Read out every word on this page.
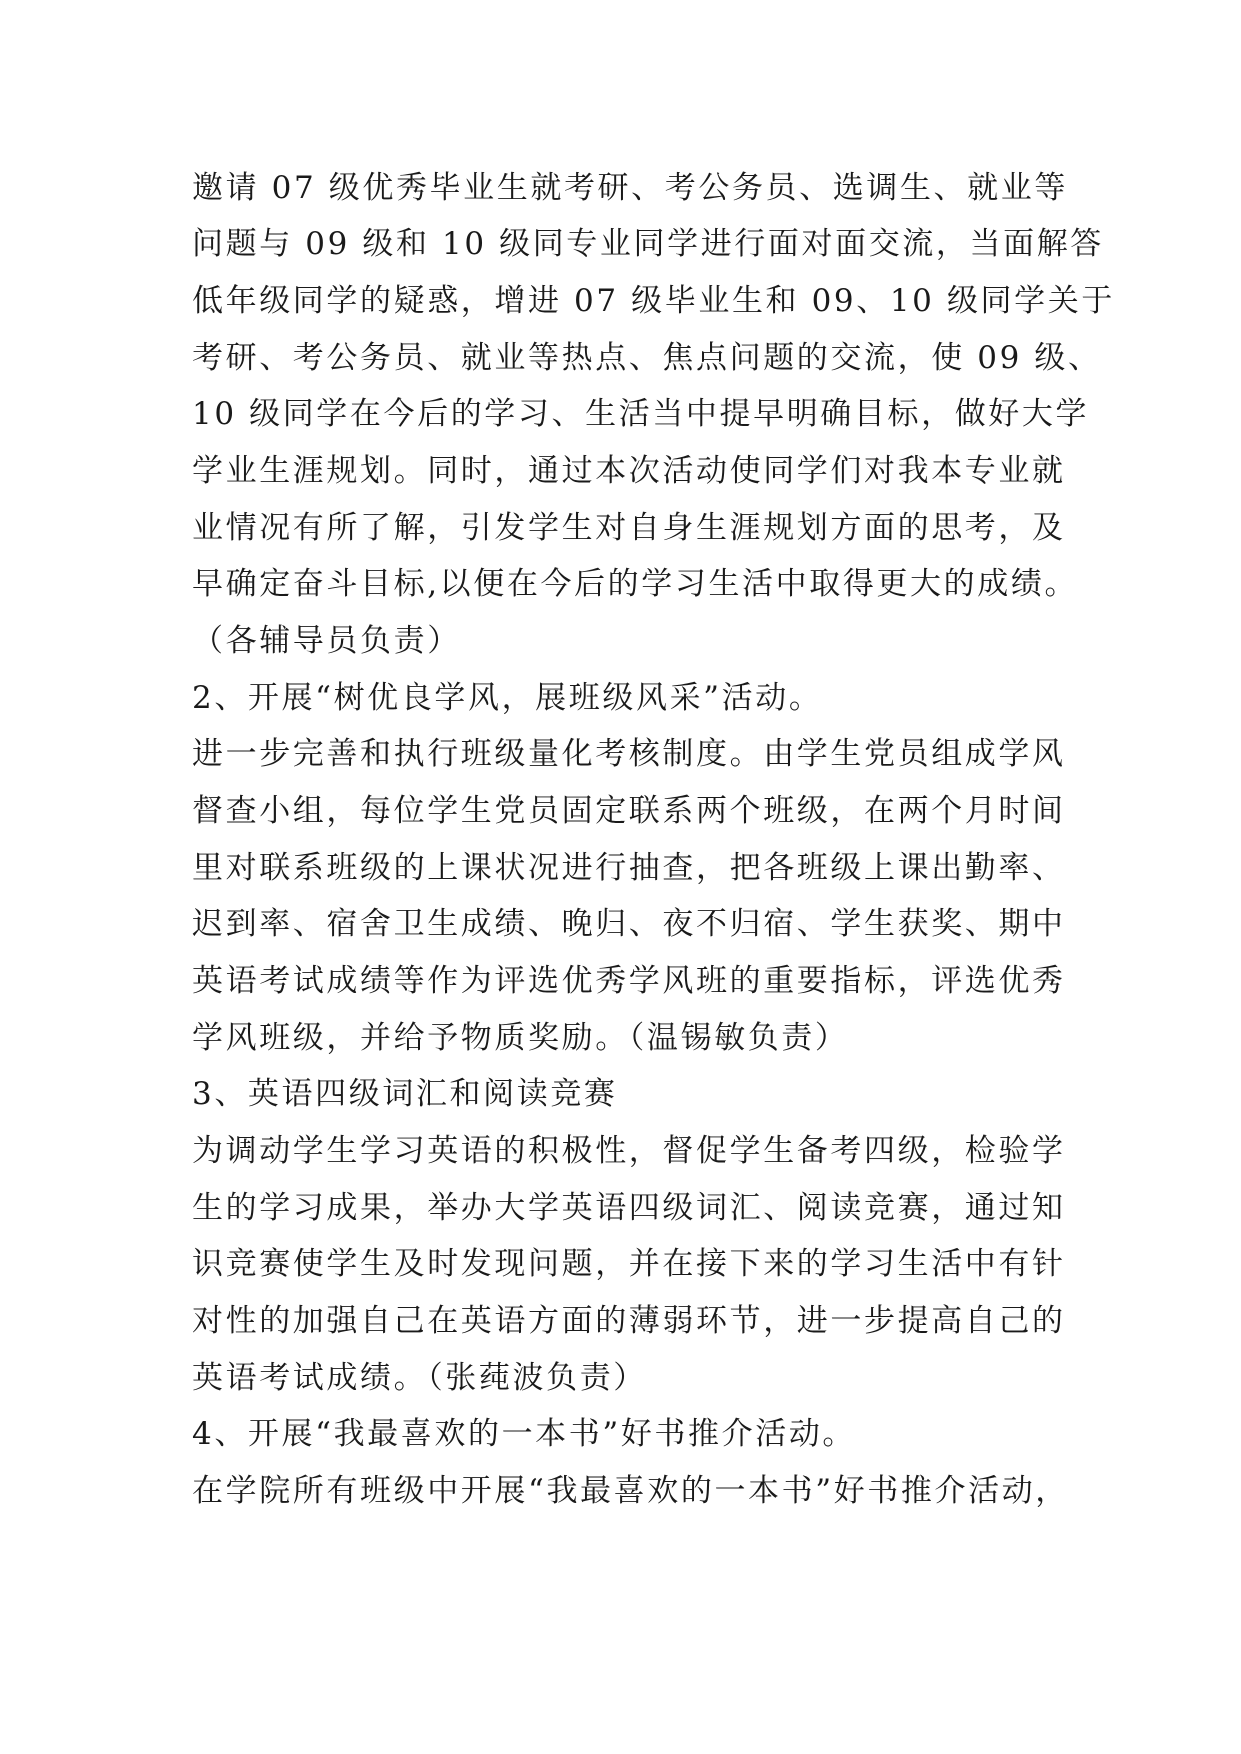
邀请 07 级优秀毕业生就考研、考公务员、选调生、就业等
问题与 09 级和 10 级同专业同学进行面对面交流，当面解答
低年级同学的疑惑，增进 07 级毕业生和 09、10 级同学关于
考研、考公务员、就业等热点、焦点问题的交流，使 09 级、
10 级同学在今后的学习、生活当中提早明确目标，做好大学
学业生涯规划。同时，通过本次活动使同学们对我本专业就
业情况有所了解，引发学生对自身生涯规划方面的思考，及
早确定奋斗目标,以便在今后的学习生活中取得更大的成绩。
（各辅导员负责）
2、开展“树优良学风，展班级风采”活动。
进一步完善和执行班级量化考核制度。由学生党员组成学风
督查小组，每位学生党员固定联系两个班级，在两个月时间
里对联系班级的上课状况进行抽查，把各班级上课出勤率、
迟到率、宿舍卫生成绩、晚归、夜不归宿、学生获奖、期中
英语考试成绩等作为评选优秀学风班的重要指标，评选优秀
学风班级，并给予物质奖励。（温锡敏负责）
3、英语四级词汇和阅读竞赛
为调动学生学习英语的积极性，督促学生备考四级，检验学
生的学习成果，举办大学英语四级词汇、阅读竞赛，通过知
识竞赛使学生及时发现问题，并在接下来的学习生活中有针
对性的加强自己在英语方面的薄弱环节，进一步提高自己的
英语考试成绩。（张莼波负责）
4、开展“我最喜欢的一本书”好书推介活动。
在学院所有班级中开展“我最喜欢的一本书”好书推介活动，
